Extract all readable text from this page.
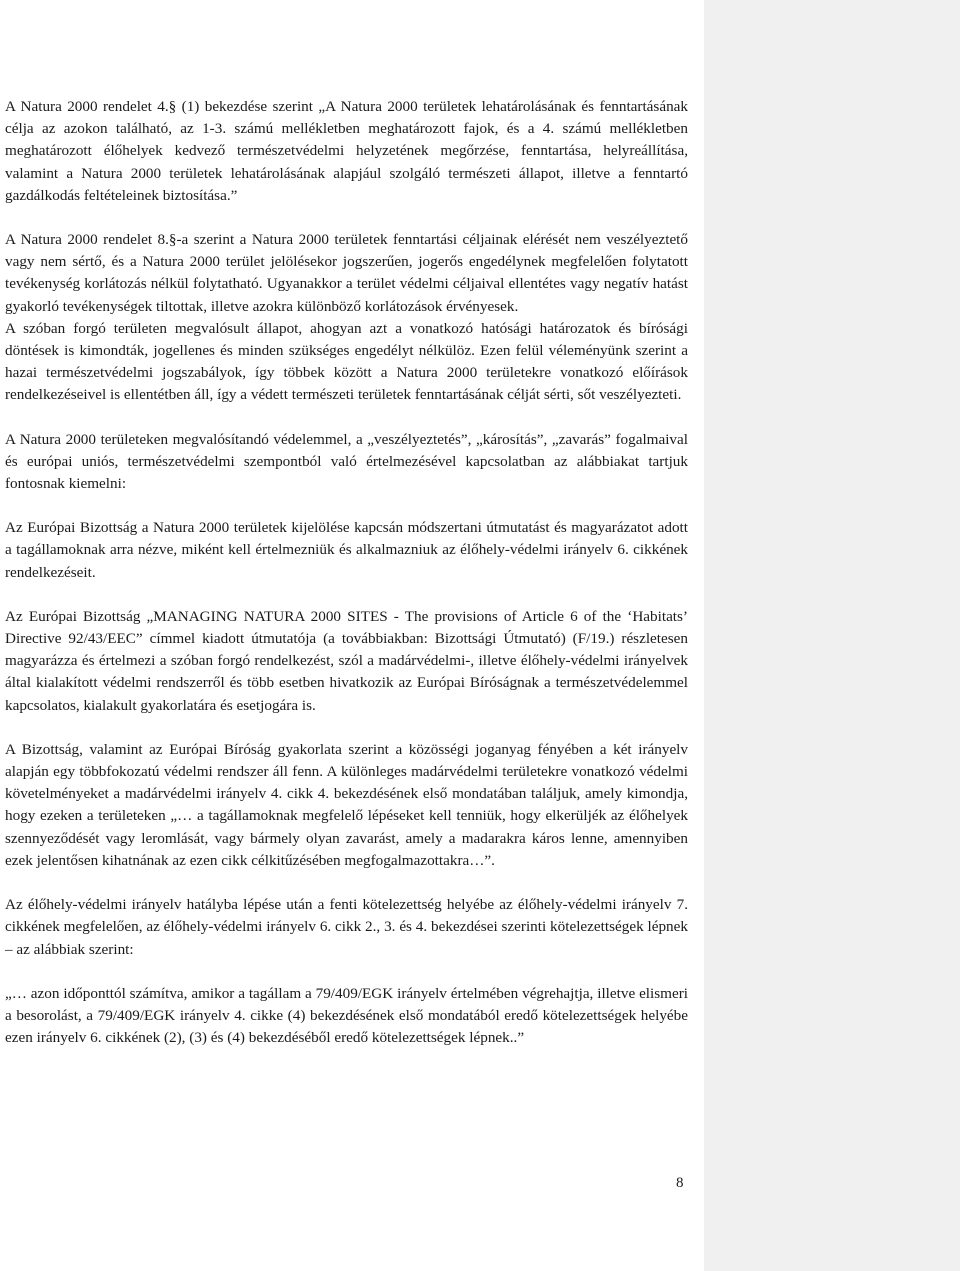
A Natura 2000 rendelet 4.§ (1) bekezdése szerint „A Natura 2000 területek lehatárolásának és fenntartásának célja az azokon található, az 1-3. számú mellékletben meghatározott fajok, és a 4. számú mellékletben meghatározott élőhelyek kedvező természetvédelmi helyzetének megőrzése, fenntartása, helyreállítása, valamint a Natura 2000 területek lehatárolásának alapjául szolgáló természeti állapot, illetve a fenntartó gazdálkodás feltételeinek biztosítása.”

A Natura 2000 rendelet 8.§-a szerint a Natura 2000 területek fenntartási céljainak elérését nem veszélyeztető vagy nem sértő, és a Natura 2000 terület jelölésekor jogszerűen, jogerős engedélynek megfelelően folytatott tevékenység korlátozás nélkül folytatható. Ugyanakkor a terület védelmi céljaival ellentétes vagy negatív hatást gyakorló tevékenységek tiltottak, illetve azokra különböző korlátozások érvényesek.

A szóban forgó területen megvalósult állapot, ahogyan azt a vonatkozó hatósági határozatok és bírósági döntések is kimondták, jogellenes és minden szükséges engedélyt nélkülöz. Ezen felül véleményünk szerint a hazai természetvédelmi jogszabályok, így többek között a Natura 2000 területekre vonatkozó előírások rendelkezéseivel is ellentétben áll, így a védett természeti területek fenntartásának célját sérti, sőt veszélyezteti.

A Natura 2000 területeken megvalósítandó védelemmel, a „veszélyeztetés”, „károsítás”, „zavarás” fogalmaival és európai uniós, természetvédelmi szempontból való értelmezésével kapcsolatban az alábbiakat tartjuk fontosnak kiemelni:

Az Európai Bizottság a Natura 2000 területek kijelölése kapcsán módszertani útmutatást és magyarázatot adott a tagállamoknak arra nézve, miként kell értelmezniük és alkalmazniuk az élőhely-védelmi irányelv 6. cikkének rendelkezéseit.

Az Európai Bizottság „MANAGING NATURA 2000 SITES - The provisions of Article 6 of the ‘Habitats’ Directive 92/43/EEC” címmel kiadott útmutatója (a továbbiakban: Bizottsági Útmutató) (F/19.) részletesen magyarázza és értelmezi a szóban forgó rendelkezést, szól a madárvédelmi-, illetve élőhely-védelmi irányelvek által kialakított védelmi rendszerről és több esetben hivatkozik az Európai Bíróságnak a természetvédelemmel kapcsolatos, kialakult gyakorlatára és esetjogára is.

A Bizottság, valamint az Európai Bíróság gyakorlata szerint a közösségi joganyag fényében a két irányelv alapján egy többfokozatú védelmi rendszer áll fenn. A különleges madárvédelmi területekre vonatkozó védelmi követelményeket a madárvédelmi irányelv 4. cikk 4. bekezdésének első mondatában találjuk, amely kimondja, hogy ezeken a területeken „… a tagállamoknak megfelelő lépéseket kell tenniük, hogy elkerüljék az élőhelyek szennyeződését vagy leromlását, vagy bármely olyan zavarást, amely a madarakra káros lenne, amennyiben ezek jelentősen kihatnának az ezen cikk célkitűzésében megfogalmazottakra…”.

Az élőhely-védelmi irányelv hatályba lépése után a fenti kötelezettség helyébe az élőhely-védelmi irányelv 7. cikkének megfelelően, az élőhely-védelmi irányelv 6. cikk 2., 3. és 4. bekezdései szerinti kötelezettségek lépnek – az alábbiak szerint:

„… azon időponttól számítva, amikor a tagállam a 79/409/EGK irányelv értelmében végrehajtja, illetve elismeri a besorolást, a 79/409/EGK irányelv 4. cikke (4) bekezdésének első mondatából eredő kötelezettségek helyébe ezen irányelv 6. cikkének (2), (3) és (4) bekezdéséből eredő kötelezettségek lépnek..”

8
